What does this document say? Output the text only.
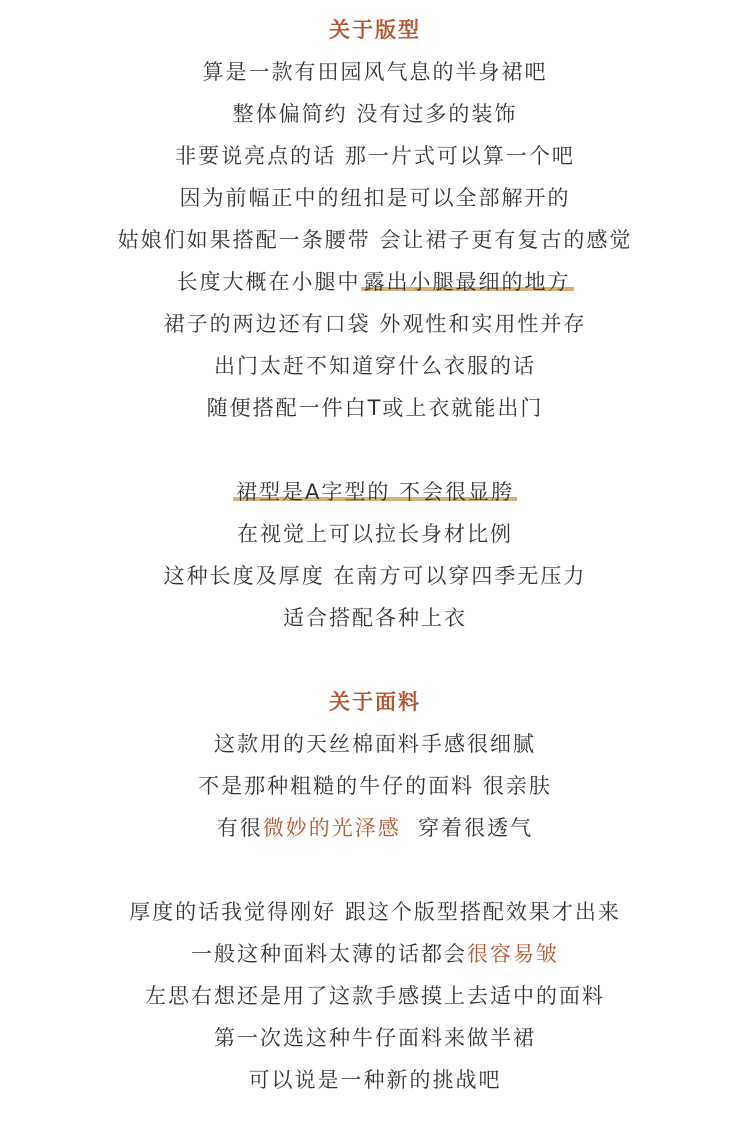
关于版型
算是一款有田园风气息的半身裙吧
整体偏简约 没有过多的装饰
非要说亮点的话 那一片式可以算一个吧
因为前幅正中的纽扣是可以全部解开的
姑娘们如果搭配一条腰带 会让裙子更有复古的感觉
长度大概在小腿中 露出小腿最细的地方
裙子的两边还有口袋 外观性和实用性并存
出门太赶不知道穿什么衣服的话
随便搭配一件白T或上衣就能出门
裙型是A字型的 不会很显胯
在视觉上可以拉长身材比例
这种长度及厚度 在南方可以穿四季无压力
适合搭配各种上衣
关于面料
这款用的天丝棉面料手感很细腻
不是那种粗糙的牛仔的面料 很亲肤
有很微妙的光泽感 穿着很透气
厚度的话我觉得刚好 跟这个版型搭配效果才出来
一般这种面料太薄的话都会很容易皱
左思右想还是用了这款手感摸上去适中的面料
第一次选这种牛仔面料来做半裙
可以说是一种新的挑战吧
